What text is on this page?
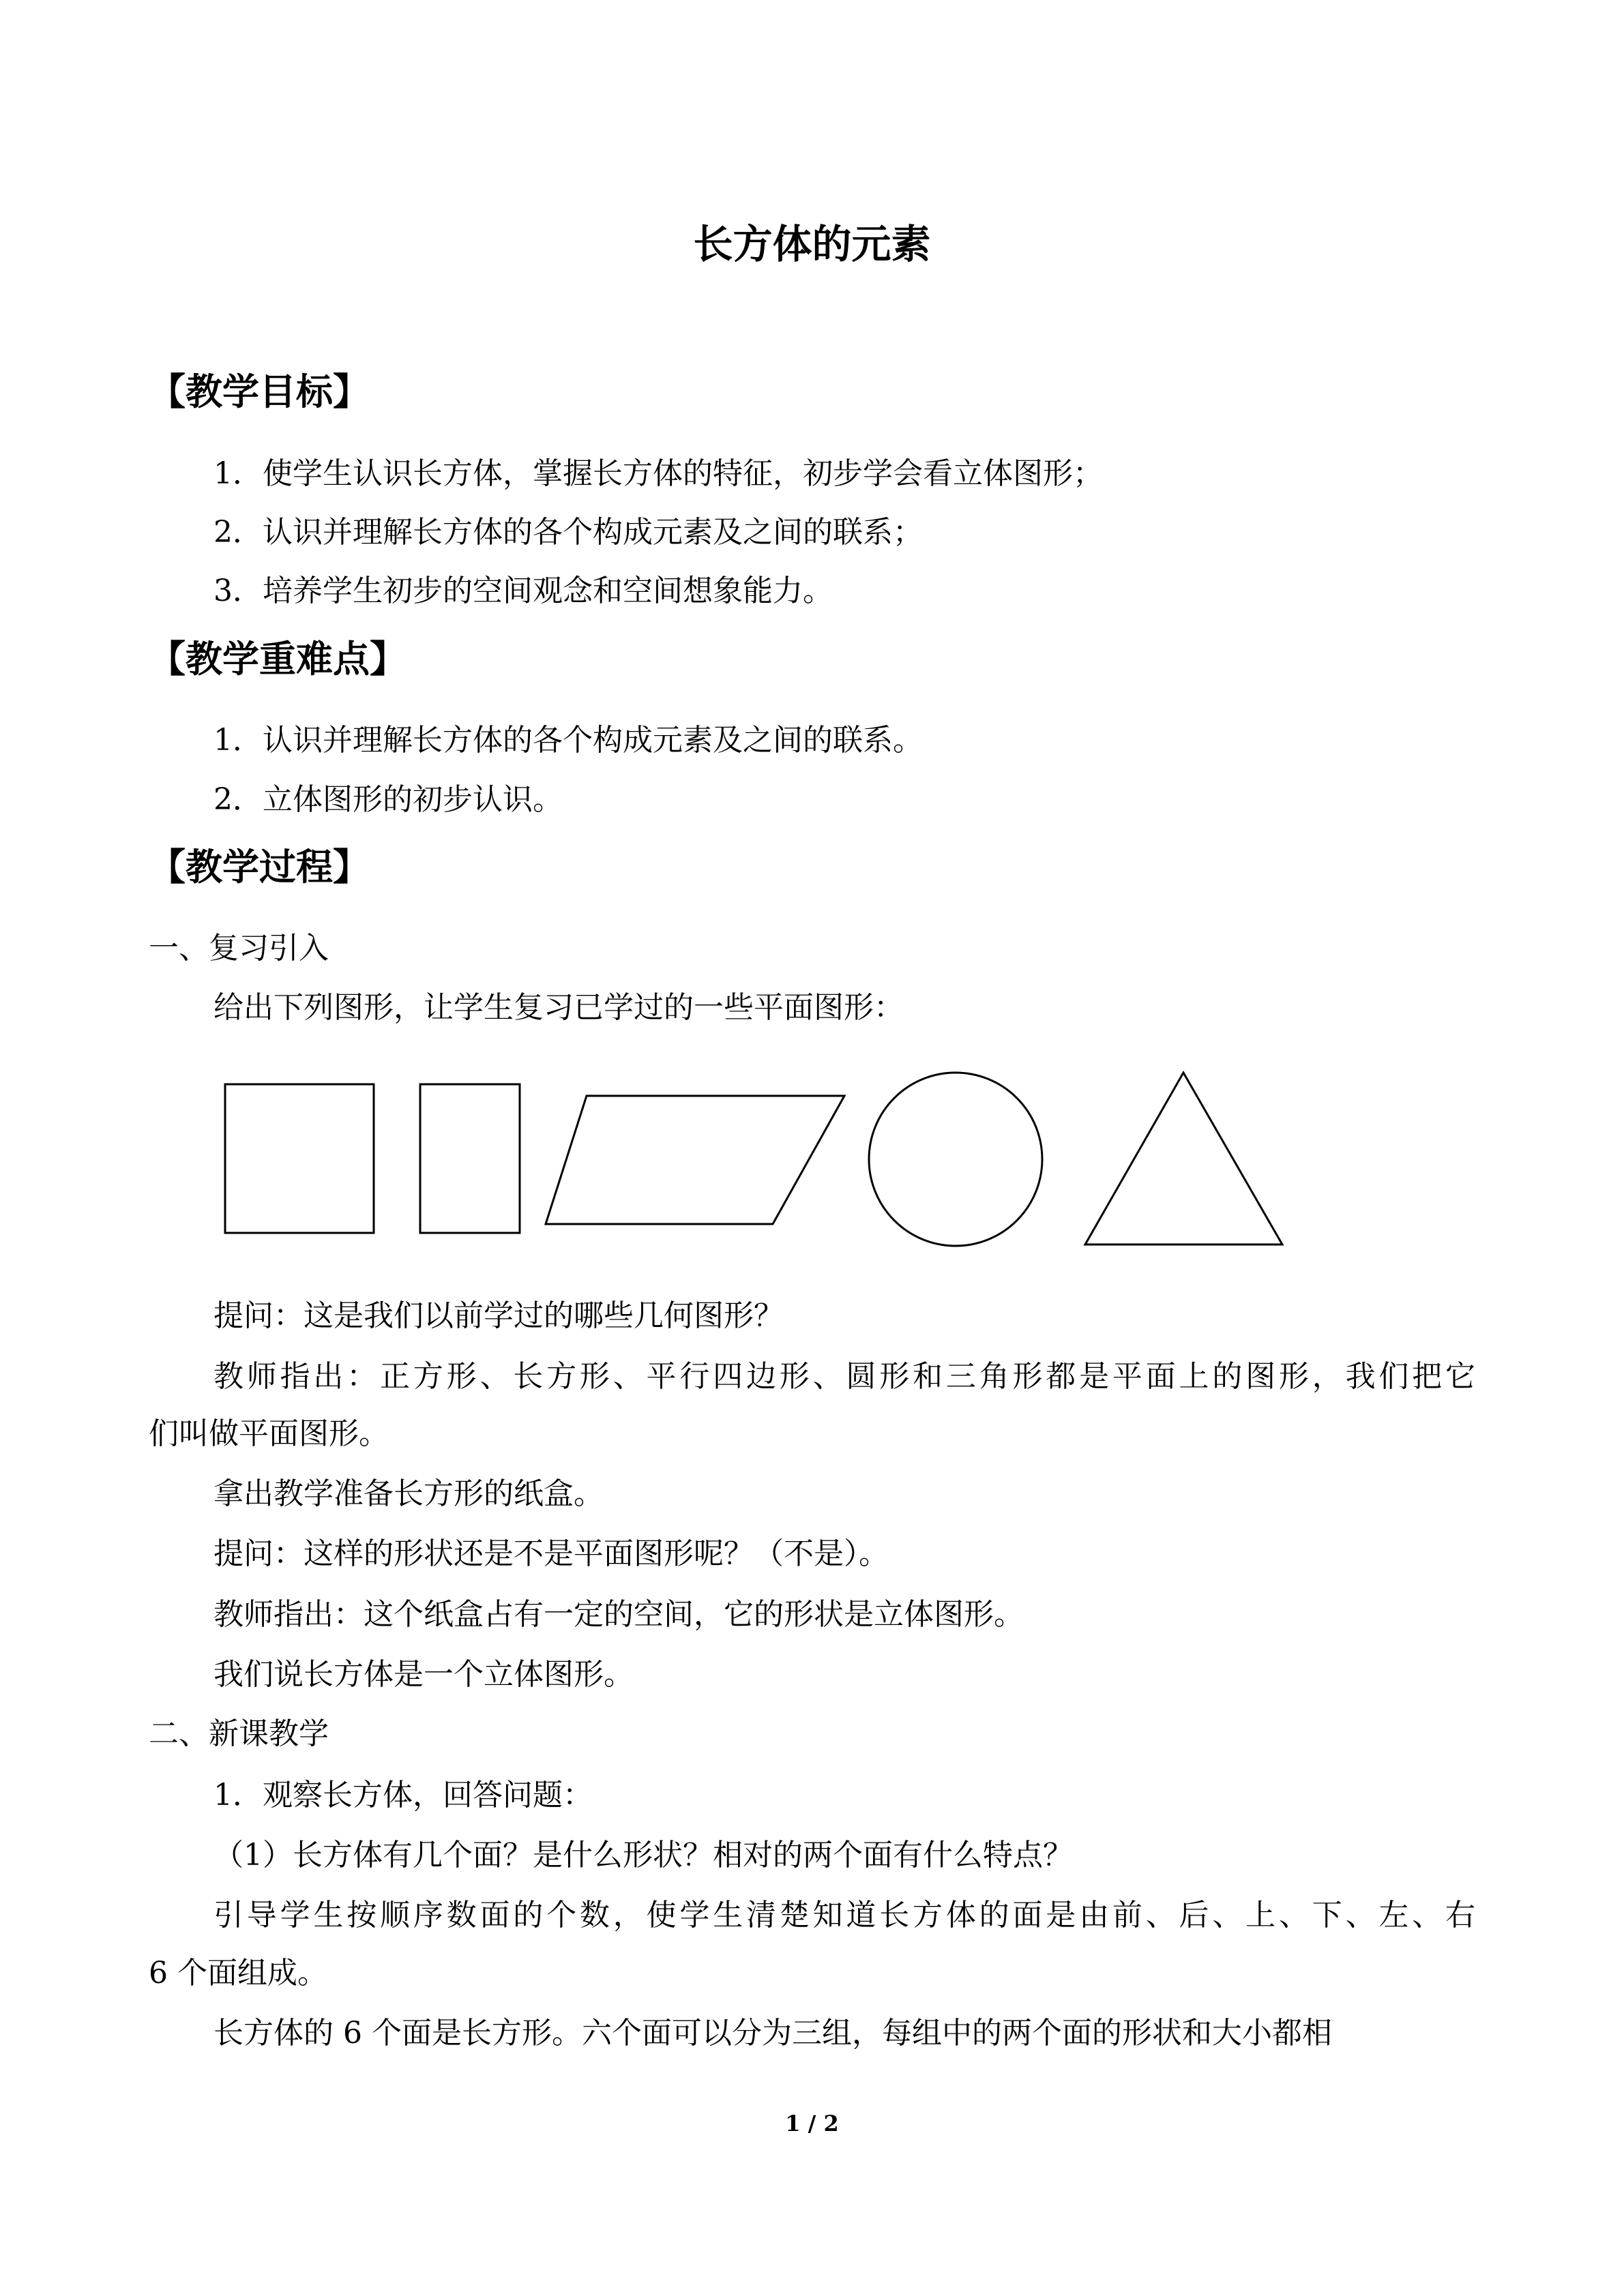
长方体的元素
【教学目标】
1．使学生认识长方体，掌握长方体的特征，初步学会看立体图形；
2．认识并理解长方体的各个构成元素及之间的联系；
3．培养学生初步的空间观念和空间想象能力。
【教学重难点】
1．认识并理解长方体的各个构成元素及之间的联系。
2．立体图形的初步认识。
【教学过程】
一、复习引入
给出下列图形，让学生复习已学过的一些平面图形：
提问：这是我们以前学过的哪些几何图形？
教师指出：正方形、长方形、平行四边形、圆形和三角形都是平面上的图形，我们把它
们叫做平面图形。
拿出教学准备长方形的纸盒。
提问：这样的形状还是不是平面图形呢？（不是）。
教师指出：这个纸盒占有一定的空间，它的形状是立体图形。
我们说长方体是一个立体图形。
二、新课教学
1．观察长方体，回答问题：
（1）长方体有几个面？是什么形状？相对的两个面有什么特点？
引导学生按顺序数面的个数，使学生清楚知道长方体的面是由前、后、上、下、左、右
6 个面组成。
长方体的 6 个面是长方形。六个面可以分为三组，每组中的两个面的形状和大小都相
1 / 2
